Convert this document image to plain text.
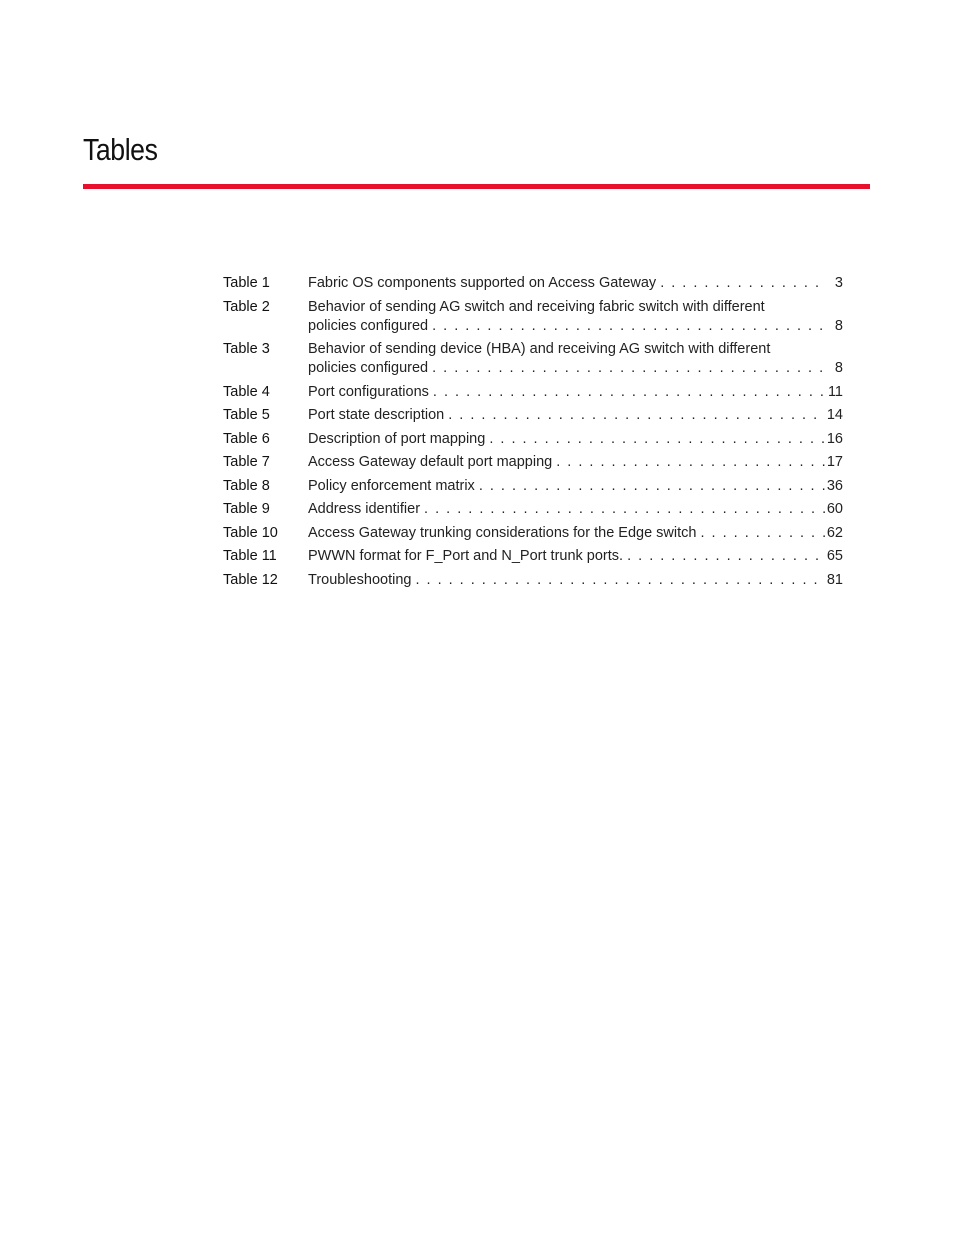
Tables
Table 1	Fabric OS components supported on Access Gateway . . .	3
Table 2	Behavior of sending AG switch and receiving fabric switch with different
policies configured . . .	8
Table 3	Behavior of sending device (HBA) and receiving AG switch with different
policies configured . . .	8
Table 4	Port configurations . . .	11
Table 5	Port state description . . .	14
Table 6	Description of port mapping . . .	16
Table 7	Access Gateway default port mapping . . .	17
Table 8	Policy enforcement matrix . . .	36
Table 9	Address identifier . . .	60
Table 10	Access Gateway trunking considerations for the Edge switch . . .	62
Table 11	PWWN format for F_Port and N_Port trunk ports. . . .	65
Table 12	Troubleshooting . . .	81
